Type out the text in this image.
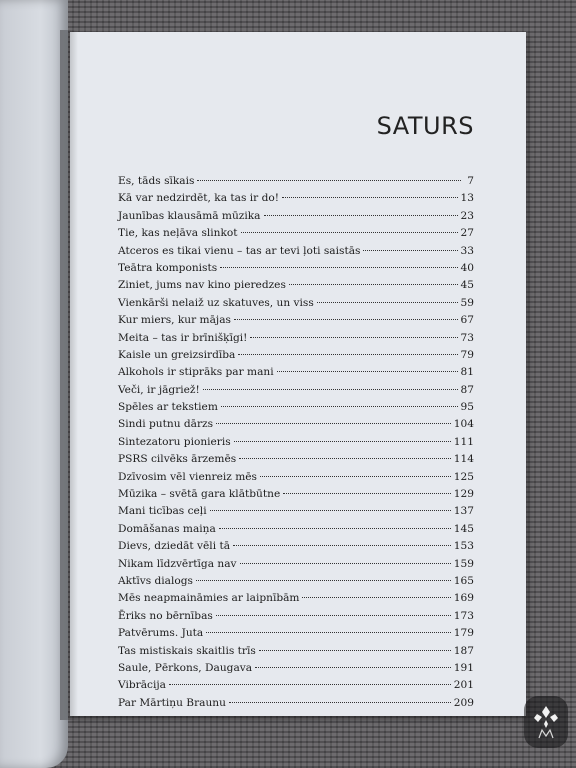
SATURS
Es, tāds sīkais	7
Kā var nedzirdēt, ka tas ir do!	13
Jaunības klausāmā mūzika	23
Tie, kas neļāva slinkot	27
Atceros es tikai vienu – tas ar tevi ļoti saistās	33
Teātra komponists	40
Ziniet, jums nav kino pieredzes	45
Vienkārši nelaiž uz skatuves, un viss	59
Kur miers, kur mājas	67
Meita – tas ir brīnišķīgi!	73
Kaisle un greizsirdība	79
Alkohols ir stiprāks par mani	81
Veči, ir jāgriež!	87
Spēles ar tekstiem	95
Sindi putnu dārzs	104
Sintezatoru pionieris	111
PSRS cilvēks ārzemēs	114
Dzīvosim vēl vienreiz mēs	125
Mūzika – svētā gara klātbūtne	129
Mani ticības ceļi	137
Domāšanas maiņa	145
Dievs, dziedāt vēli tā	153
Nikam līdzvērtīga nav	159
Aktīvs dialogs	165
Mēs neapmaināmies ar laipnībām	169
Ēriks no bērnības	173
Patvērums. Juta	179
Tas mistiskais skaitlis trīs	187
Saule, Pērkons, Daugava	191
Vibrācija	201
Par Mārtiņu Braunu	209
